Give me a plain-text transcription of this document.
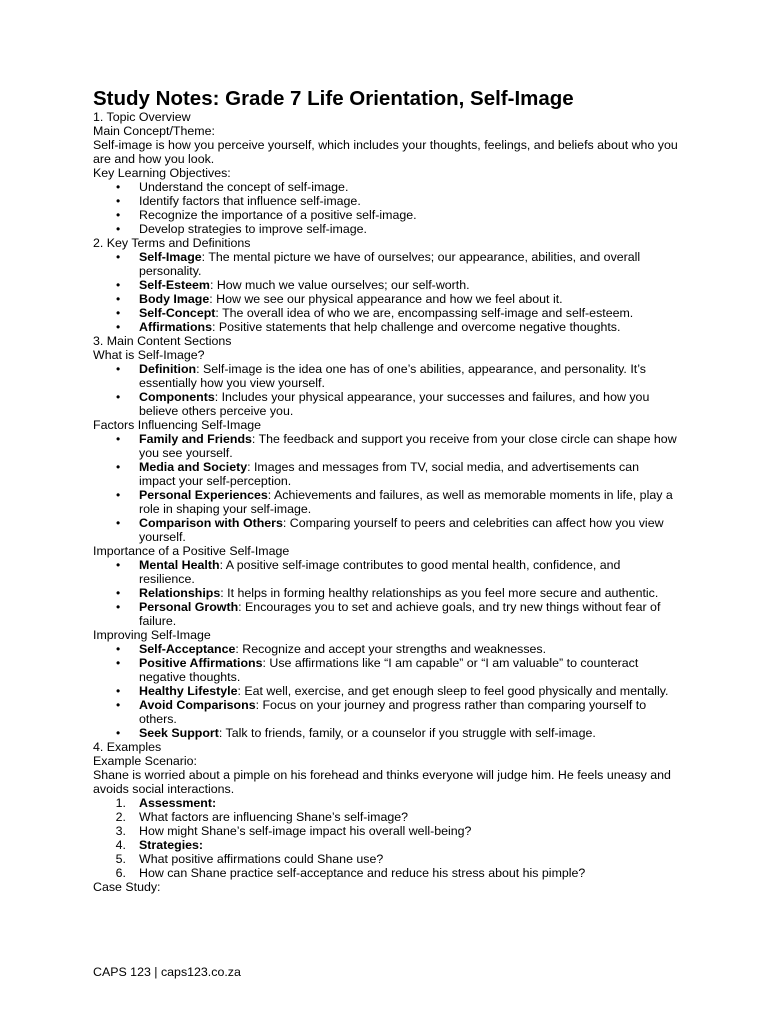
Study Notes: Grade 7 Life Orientation, Self-Image

1. Topic Overview

Main Concept/Theme:

Self-image is how you perceive yourself, which includes your thoughts, feelings, and beliefs about who you are and how you look.

Key Learning Objectives:

• Understand the concept of self-image.
• Identify factors that influence self-image.
• Recognize the importance of a positive self-image.
• Develop strategies to improve self-image.

2. Key Terms and Definitions

• Self-Image: The mental picture we have of ourselves; our appearance, abilities, and overall personality.
• Self-Esteem: How much we value ourselves; our self-worth.
• Body Image: How we see our physical appearance and how we feel about it.
• Self-Concept: The overall idea of who we are, encompassing self-image and self-esteem.
• Affirmations: Positive statements that help challenge and overcome negative thoughts.

3. Main Content Sections

What is Self-Image?

• Definition: Self-image is the idea one has of one’s abilities, appearance, and personality. It’s essentially how you view yourself.
• Components: Includes your physical appearance, your successes and failures, and how you believe others perceive you.

Factors Influencing Self-Image

• Family and Friends: The feedback and support you receive from your close circle can shape how you see yourself.
• Media and Society: Images and messages from TV, social media, and advertisements can impact your self-perception.
• Personal Experiences: Achievements and failures, as well as memorable moments in life, play a role in shaping your self-image.
• Comparison with Others: Comparing yourself to peers and celebrities can affect how you view yourself.

Importance of a Positive Self-Image

• Mental Health: A positive self-image contributes to good mental health, confidence, and resilience.
• Relationships: It helps in forming healthy relationships as you feel more secure and authentic.
• Personal Growth: Encourages you to set and achieve goals, and try new things without fear of failure.

Improving Self-Image

• Self-Acceptance: Recognize and accept your strengths and weaknesses.
• Positive Affirmations: Use affirmations like “I am capable” or “I am valuable” to counteract negative thoughts.
• Healthy Lifestyle: Eat well, exercise, and get enough sleep to feel good physically and mentally.
• Avoid Comparisons: Focus on your journey and progress rather than comparing yourself to others.
• Seek Support: Talk to friends, family, or a counselor if you struggle with self-image.

4. Examples

Example Scenario:

Shane is worried about a pimple on his forehead and thinks everyone will judge him. He feels uneasy and avoids social interactions.

1. Assessment:
2. What factors are influencing Shane’s self-image?
3. How might Shane’s self-image impact his overall well-being?
4. Strategies:
5. What positive affirmations could Shane use?
6. How can Shane practice self-acceptance and reduce his stress about his pimple?

Case Study:

CAPS 123 | caps123.co.za
